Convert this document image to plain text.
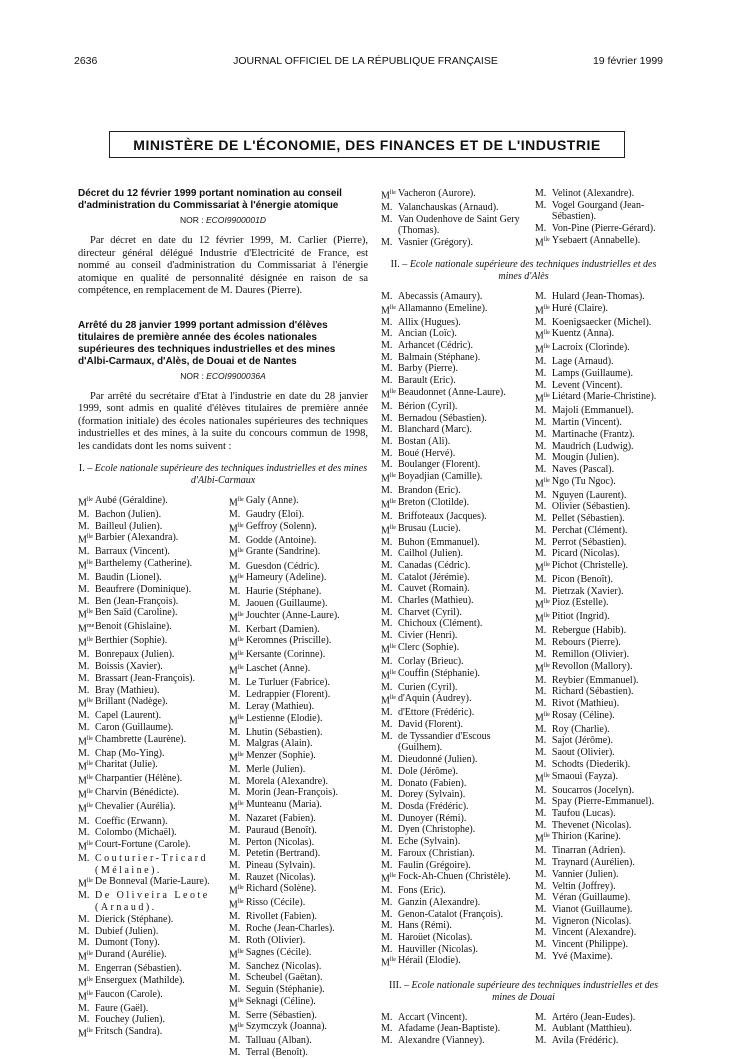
2636	JOURNAL OFFICIEL DE LA RÉPUBLIQUE FRANÇAISE	19 février 1999
MINISTÈRE DE L'ÉCONOMIE, DES FINANCES ET DE L'INDUSTRIE
Décret du 12 février 1999 portant nomination au conseil d'administration du Commissariat à l'énergie atomique
NOR : ECOI9900001D
Par décret en date du 12 février 1999, M. Carlier (Pierre), directeur général délégué Industrie d'Electricité de France, est nommé au conseil d'administration du Commissariat à l'énergie atomique en qualité de personnalité désignée en raison de sa compétence, en remplacement de M. Daures (Pierre).
Arrêté du 28 janvier 1999 portant admission d'élèves titulaires de première année des écoles nationales supérieures des techniques industrielles et des mines d'Albi-Carmaux, d'Alès, de Douai et de Nantes
NOR : ECOI9900036A
Par arrêté du secrétaire d'Etat à l'industrie en date du 28 janvier 1999, sont admis en qualité d'élèves titulaires de première année (formation initiale) des écoles nationales supérieures des techniques industrielles et des mines, à la suite du concours commun de 1998, les candidats dont les noms suivent :
I. – Ecole nationale supérieure des techniques industrielles et des mines d'Albi-Carmaux
$M^{lle}$ Aubé (Géraldine).
M. Bachon (Julien).
M. Bailleul (Julien).
$M^{lle}$ Barbier (Alexandra).
M. Barraux (Vincent).
$M^{lle}$ Barthelemy (Catherine).
M. Baudin (Lionel).
M. Beaufrere (Dominique).
M. Ben (Jean-François).
$M^{lle}$ Ben Saïd (Caroline).
$M^{me}$ Benoit (Ghislaine).
$M^{lle}$ Berthier (Sophie).
M. Bonrepaux (Julien).
M. Boissis (Xavier).
M. Brassart (Jean-François).
M. Bray (Mathieu).
$M^{lle}$ Brillant (Nadège).
M. Capel (Laurent).
M. Caron (Guillaume).
$M^{lle}$ Chambrette (Laurène).
M. Chap (Mo-Ying).
$M^{lle}$ Charitat (Julie).
$M^{lle}$ Charpantier (Hélène).
$M^{lle}$ Charvin (Bénédicte).
$M^{lle}$ Chevalier (Aurélia).
M. Coeffic (Erwann).
M. Colombo (Michaël).
$M^{lle}$ Court-Fortune (Carole).
M. Couturier-Tricard (Mélaine).
$M^{lle}$ De Bonneval (Marie-Laure).
M. De Oliveira Leote (Arnaud).
M. Dierick (Stéphane).
M. Dubief (Julien).
M. Dumont (Tony).
$M^{lle}$ Durand (Aurélie).
M. Engerran (Sébastien).
$M^{lle}$ Enserguex (Mathilde).
$M^{lle}$ Faucon (Carole).
M. Faure (Gaël).
M. Fouchey (Julien).
$M^{lle}$ Fritsch (Sandra).
$M^{lle}$ Galy (Anne).
M. Gaudry (Eloi).
$M^{lle}$ Geffroy (Solenn).
M. Godde (Antoine).
$M^{lle}$ Grante (Sandrine).
M. Guesdon (Cédric).
$M^{lle}$ Hameury (Adeline).
M. Haurie (Stéphane).
M. Jaouen (Guillaume).
$M^{lle}$ Jouchter (Anne-Laure).
M. Kerbart (Damien).
$M^{lle}$ Keromnes (Priscille).
$M^{lle}$ Kersante (Corinne).
$M^{lle}$ Laschet (Anne).
M. Le Turluer (Fabrice).
M. Ledrappier (Florent).
M. Leray (Mathieu).
$M^{lle}$ Lestienne (Elodie).
M. Lhutin (Sébastien).
M. Malgras (Alain).
$M^{lle}$ Menzer (Sophie).
M. Merle (Julien).
M. Morela (Alexandre).
M. Morin (Jean-François).
$M^{lle}$ Munteanu (Maria).
M. Nazaret (Fabien).
M. Pauraud (Benoît).
M. Perton (Nicolas).
M. Petetin (Bertrand).
M. Pineau (Sylvain).
M. Rauzet (Nicolas).
$M^{lle}$ Richard (Solène).
$M^{lle}$ Risso (Cécile).
M. Rivollet (Fabien).
M. Roche (Jean-Charles).
M. Roth (Olivier).
$M^{lle}$ Sagnes (Cécile).
M. Sanchez (Nicolas).
M. Scheubel (Gaëtan).
M. Seguin (Stéphanie).
$M^{lle}$ Seknagi (Céline).
M. Serre (Sébastien).
$M^{lle}$ Szymczyk (Joanna).
M. Talluau (Alban).
M. Terral (Benoît).
$M^{lle}$ Vacheron (Aurore).
M. Valanchauskas (Arnaud).
M. Van Oudenhove de Saint Gery (Thomas).
M. Vasnier (Grégory).
M. Velinot (Alexandre).
M. Vogel Gourgand (Jean-Sébastien).
M. Von-Pine (Pierre-Gérard).
$M^{lle}$ Ysebaert (Annabelle).
II. – Ecole nationale supérieure des techniques industrielles et des mines d'Alès
M. Abecassis (Amaury).
$M^{lle}$ Allamanno (Emeline).
M. Allix (Hugues).
M. Ancian (Loïc).
M. Arhancet (Cédric).
M. Balmain (Stéphane).
M. Barby (Pierre).
M. Barault (Eric).
$M^{lle}$ Beaudonnet (Anne-Laure).
M. Bérion (Cyril).
M. Bernadou (Sébastien).
M. Blanchard (Marc).
M. Bostan (Ali).
M. Boué (Hervé).
M. Boulanger (Florent).
$M^{lle}$ Boyadjian (Camille).
M. Brandon (Eric).
$M^{lle}$ Breton (Clotilde).
M. Briffoteaux (Jacques).
$M^{lle}$ Brusau (Lucie).
M. Buhon (Emmanuel).
M. Cailhol (Julien).
M. Canadas (Cédric).
M. Catalot (Jérémie).
M. Cauvet (Romain).
M. Charles (Mathieu).
M. Charvet (Cyril).
M. Chichoux (Clément).
M. Civier (Henri).
$M^{lle}$ Clerc (Sophie).
M. Corlay (Brieuc).
$M^{lle}$ Couffin (Stéphanie).
M. Curien (Cyril).
$M^{lle}$ d'Aquin (Audrey).
M. d'Ettore (Frédéric).
M. David (Florent).
M. de Tyssandier d'Escous (Guilhem).
M. Dieudonné (Julien).
M. Dole (Jérôme).
M. Donato (Fabien).
M. Dorey (Sylvain).
M. Dosda (Frédéric).
M. Dunoyer (Rémi).
M. Dyen (Christophe).
M. Eche (Sylvain).
M. Faroux (Christian).
M. Faulin (Grégoire).
$M^{lle}$ Fock-Ah-Chuen (Christèle).
M. Fons (Eric).
M. Ganzin (Alexandre).
M. Genon-Catalot (François).
M. Hans (Rémi).
M. Haroüet (Nicolas).
M. Hauviller (Nicolas).
$M^{lle}$ Hérail (Elodie).
M. Hulard (Jean-Thomas).
$M^{lle}$ Huré (Claire).
M. Koenigsaecker (Michel).
$M^{lle}$ Kuentz (Anna).
$M^{lle}$ Lacroix (Clorinde).
M. Lage (Arnaud).
M. Lamps (Guillaume).
M. Levent (Vincent).
$M^{lle}$ Liétard (Marie-Christine).
M. Majoli (Emmanuel).
M. Martin (Vincent).
M. Martinache (Frantz).
M. Maudrich (Ludwig).
M. Mougin (Julien).
M. Naves (Pascal).
$M^{lle}$ Ngo (Tu Ngoc).
M. Nguyen (Laurent).
M. Olivier (Sébastien).
M. Pellet (Sébastien).
M. Perchat (Clément).
M. Perrot (Sébastien).
M. Picard (Nicolas).
$M^{lle}$ Pichot (Christelle).
M. Picon (Benoît).
M. Pietrzak (Xavier).
$M^{lle}$ Pioz (Estelle).
$M^{lle}$ Pitiot (Ingrid).
M. Rebergue (Habib).
M. Rebours (Pierre).
M. Remillon (Olivier).
$M^{lle}$ Revollon (Mallory).
M. Reybier (Emmanuel).
M. Richard (Sébastien).
M. Rivot (Mathieu).
$M^{lle}$ Rosay (Céline).
M. Roy (Charlie).
M. Sajot (Jérôme).
M. Saout (Olivier).
M. Schodts (Diederik).
$M^{lle}$ Smaoui (Fayza).
M. Soucarros (Jocelyn).
M. Spay (Pierre-Emmanuel).
M. Taufou (Lucas).
M. Thevenet (Nicolas).
$M^{lle}$ Thirion (Karine).
M. Tinarran (Adrien).
M. Traynard (Aurélien).
M. Vannier (Julien).
M. Veltin (Joffrey).
M. Véran (Guillaume).
M. Vianot (Guillaume).
M. Vigneron (Nicolas).
M. Vincent (Alexandre).
M. Vincent (Philippe).
M. Yvé (Maxime).
III. – Ecole nationale supérieure des techniques industrielles et des mines de Douai
M. Accart (Vincent).
M. Afadame (Jean-Baptiste).
M. Alexandre (Vianney).
M. Artéro (Jean-Eudes).
M. Aublant (Matthieu).
M. Avila (Frédéric).
